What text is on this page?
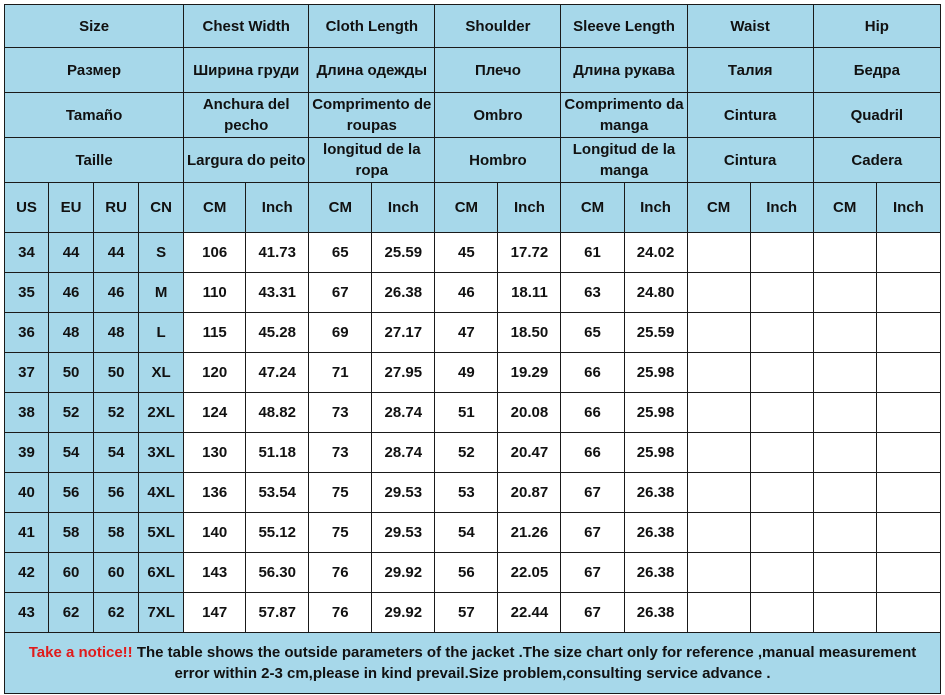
Size				Chest Width		Cloth Length		Shoulder		Sleeve Length		Waist		Hip	
Размер				Ширина груди		Длина одежды		Плечо		Длина рукава		Талия		Бедра	
Tamaño				Anchura del pecho		Comprimento de roupas		Ombro		Comprimento da manga		Cintura		Quadril	
Taille				Largura do peito		longitud de la ropa		Hombro		Longitud de la manga		Cintura		Cadera	
US	EU	RU	CN	CM	Inch	CM	Inch	CM	Inch	CM	Inch	CM	Inch	CM	Inch
34	44	44	S	106	41.73	65	25.59	45	17.72	61	24.02				
35	46	46	M	110	43.31	67	26.38	46	18.11	63	24.80				
36	48	48	L	115	45.28	69	27.17	47	18.50	65	25.59				
37	50	50	XL	120	47.24	71	27.95	49	19.29	66	25.98				
38	52	52	2XL	124	48.82	73	28.74	51	20.08	66	25.98				
39	54	54	3XL	130	51.18	73	28.74	52	20.47	66	25.98				
40	56	56	4XL	136	53.54	75	29.53	53	20.87	67	26.38				
41	58	58	5XL	140	55.12	75	29.53	54	21.26	67	26.38				
42	60	60	6XL	143	56.30	76	29.92	56	22.05	67	26.38				
43	62	62	7XL	147	57.87	76	29.92	57	22.44	67	26.38				
Take a notice!! The table shows the outside parameters of the jacket .The size chart only for reference ,manual measurement error within 2-3 cm,please in kind prevail.Size problem,consulting service advance .															
